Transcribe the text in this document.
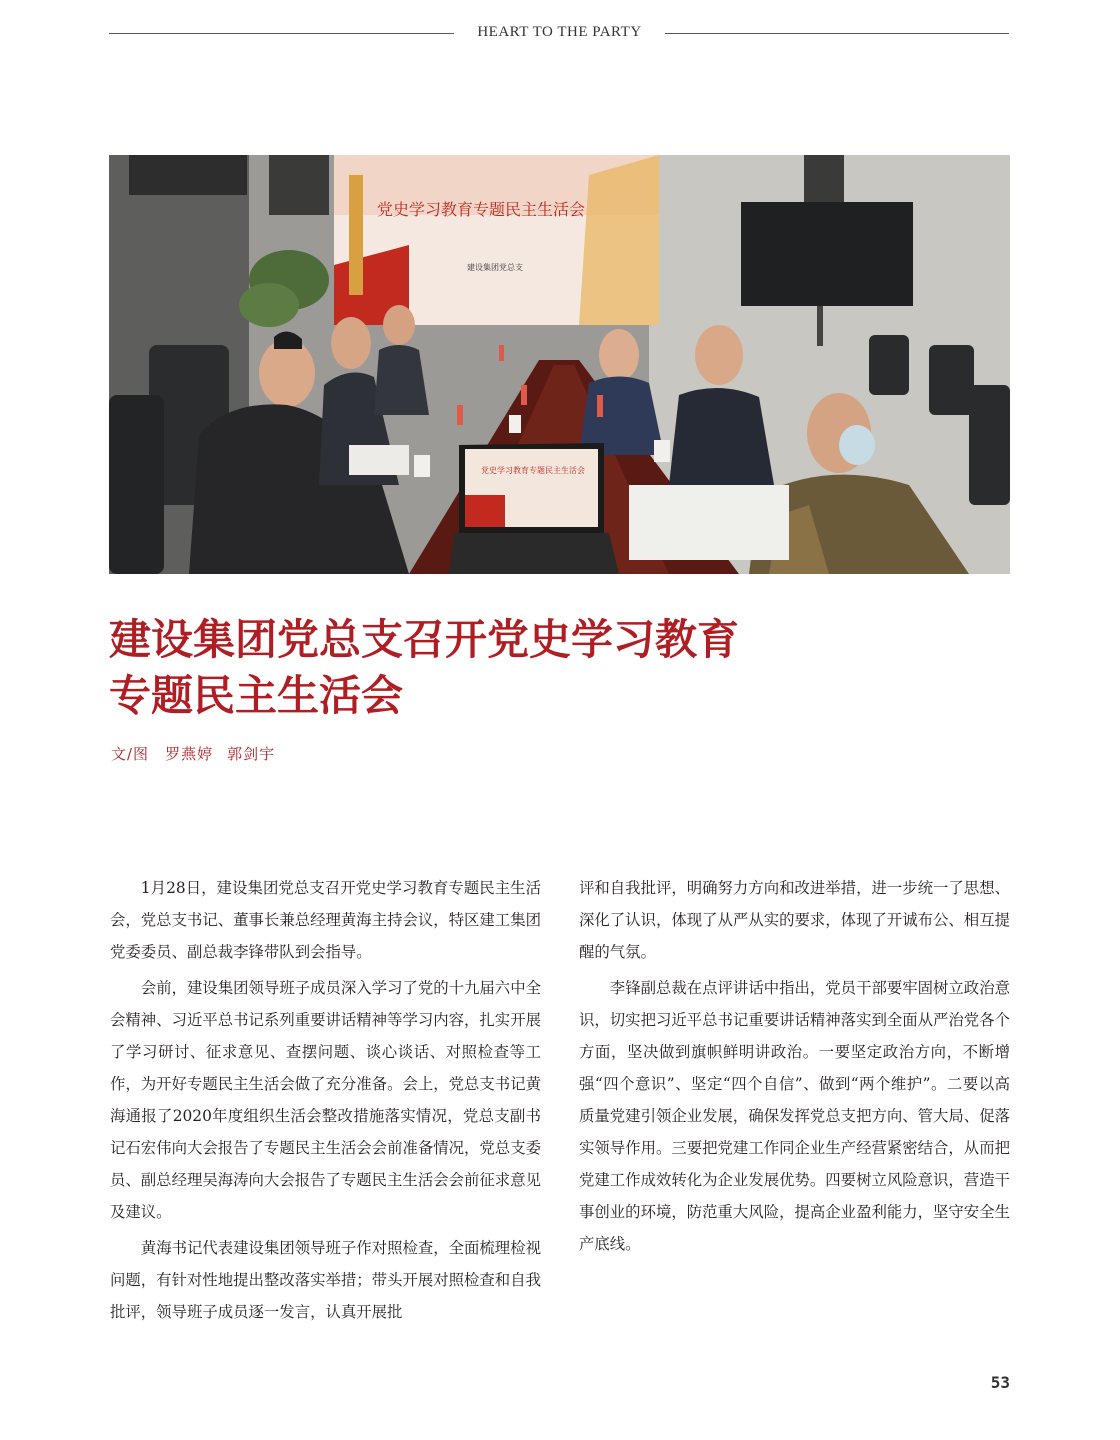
HEART TO THE PARTY
党史学习教育专题民主生活会
建设集团党总支
党史学习教育专题民主生活会
建设集团党总支召开党史学习教育
专题民主生活会
文/图 罗燕婷 郭剑宇

1月28日，建设集团党总支召开党史学习教育专题民主生活会，党总支书记、董事长兼总经理黄海主持会议，特区建工集团党委委员、副总裁李锋带队到会指导。

会前，建设集团领导班子成员深入学习了党的十九届六中全会精神、习近平总书记系列重要讲话精神等学习内容，扎实开展了学习研讨、征求意见、查摆问题、谈心谈话、对照检查等工作，为开好专题民主生活会做了充分准备。会上，党总支书记黄海通报了2020年度组织生活会整改措施落实情况，党总支副书记石宏伟向大会报告了专题民主生活会会前准备情况，党总支委员、副总经理吴海涛向大会报告了专题民主生活会会前征求意见及建议。

黄海书记代表建设集团领导班子作对照检查，全面梳理检视问题，有针对性地提出整改落实举措；带头开展对照检查和自我批评，领导班子成员逐一发言，认真开展批

评和自我批评，明确努力方向和改进举措，进一步统一了思想、深化了认识，体现了从严从实的要求，体现了开诚布公、相互提醒的气氛。

李锋副总裁在点评讲话中指出，党员干部要牢固树立政治意识，切实把习近平总书记重要讲话精神落实到全面从严治党各个方面，坚决做到旗帜鲜明讲政治。一要坚定政治方向，不断增强“四个意识”、坚定“四个自信”、做到“两个维护”。二要以高质量党建引领企业发展，确保发挥党总支把方向、管大局、促落实领导作用。三要把党建工作同企业生产经营紧密结合，从而把党建工作成效转化为企业发展优势。四要树立风险意识，营造干事创业的环境，防范重大风险，提高企业盈利能力，坚守安全生产底线。

53
